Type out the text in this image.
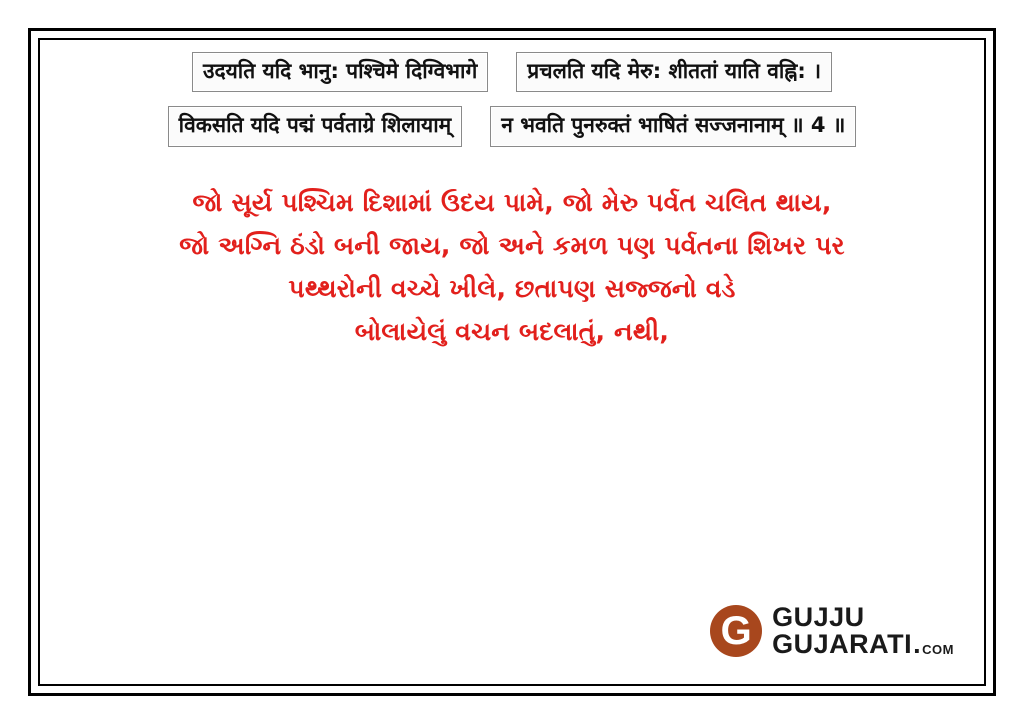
उदयति यदि भानु: पश्चिमे दिग्विभागे	प्रचलति यदि मेरु: शीततां याति वह्नि: ।
विकसति यदि पद्मं पर्वताग्रे शिलायाम्	न भवति पुनरुक्तं भाषितं सज्जनानाम् ॥ 4 ॥
જો સૂર્ય પશ્ચિમ દિશામાં ઉદય પામે, જો મેરુ પર્વત ચલિત થાય,
જો અગ્નિ ઠંડો બની જાય, જો અને કમળ પણ પર્વતના શિખર પર
પથ્થરોની વચ્ચે ખીલે, છતાપણ સજ્જનો વડે
બોલાયેલું વચન બદલાતું, નથી,
G GUJJU
GUJARATI . COM
